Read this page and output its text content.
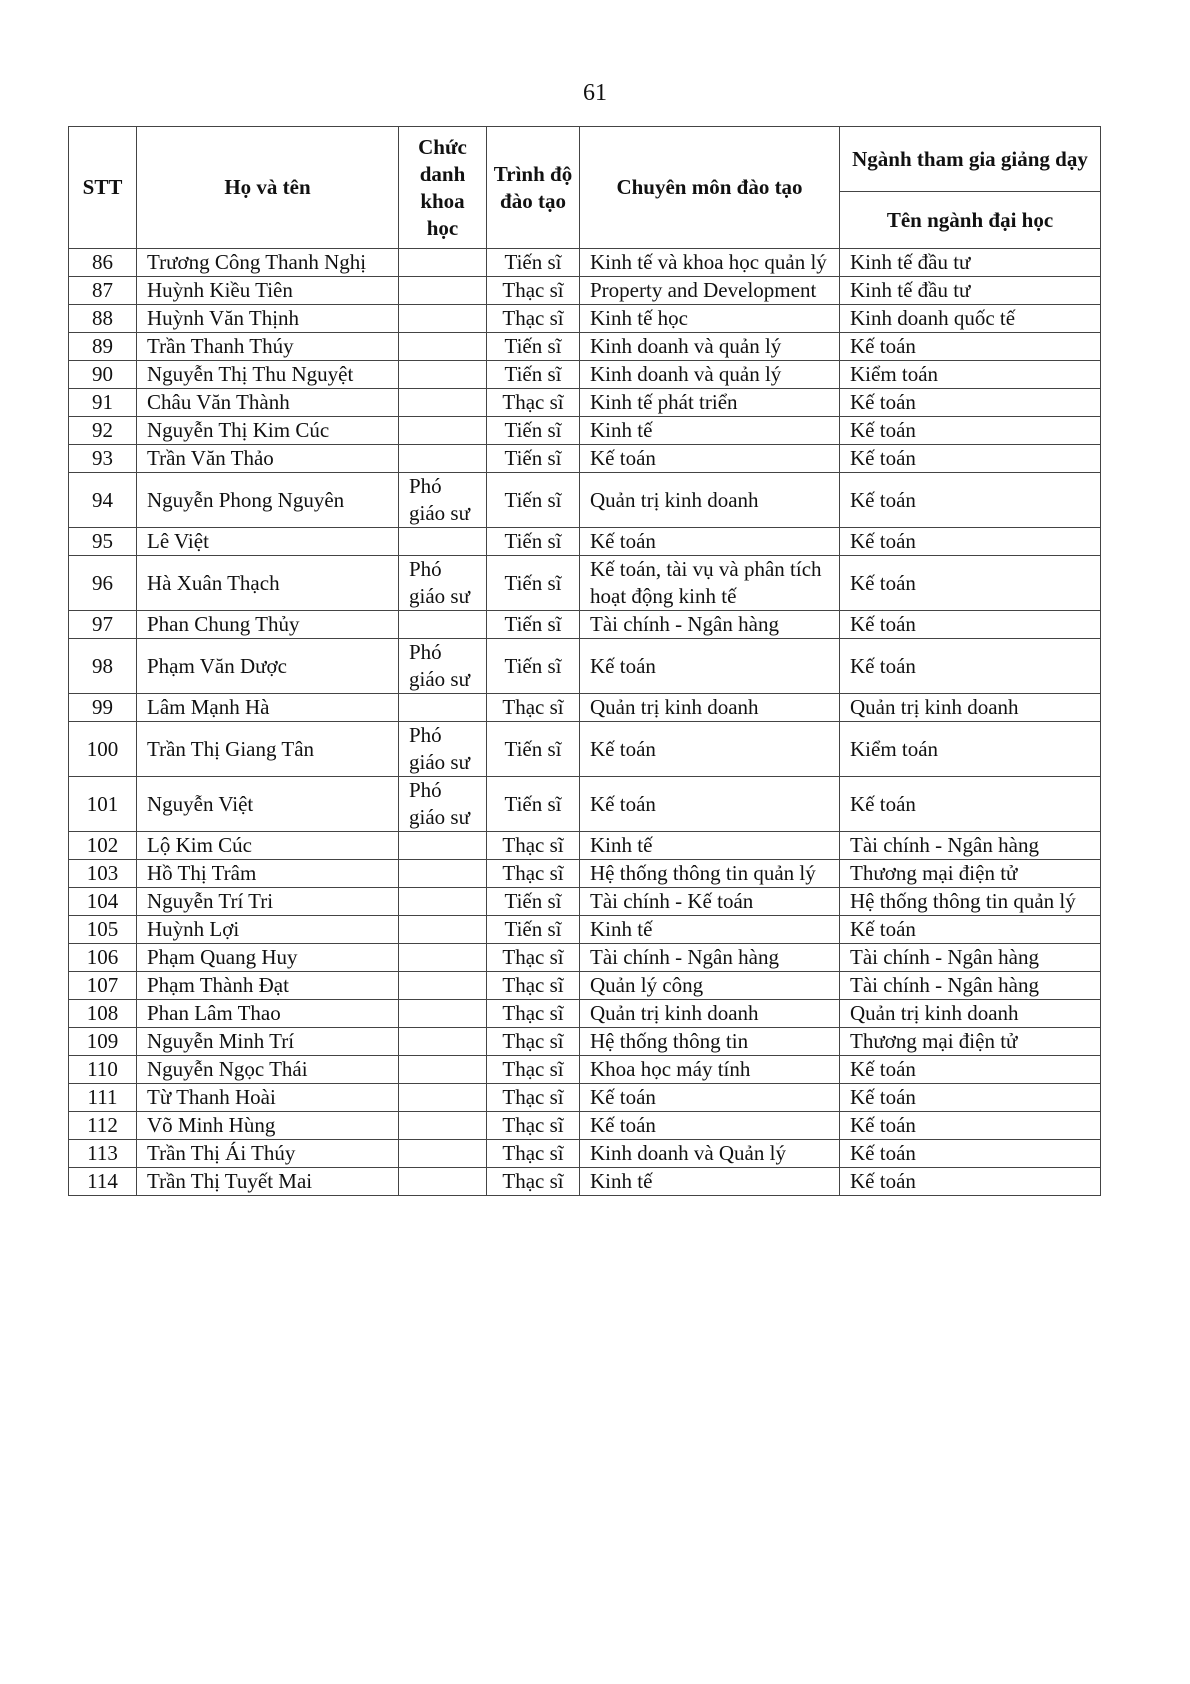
61
STT	Họ và tên	Chức danh khoa học	Trình độ đào tạo	Chuyên môn đào tạo	Ngành tham gia giảng dạy
					Tên ngành đại học
86	Trương Công Thanh Nghị		Tiến sĩ	Kinh tế và khoa học quản lý	Kinh tế đầu tư
87	Huỳnh Kiều Tiên		Thạc sĩ	Property and Development	Kinh tế đầu tư
88	Huỳnh Văn Thịnh		Thạc sĩ	Kinh tế học	Kinh doanh quốc tế
89	Trần Thanh Thúy		Tiến sĩ	Kinh doanh và quản lý	Kế toán
90	Nguyễn Thị Thu Nguyệt		Tiến sĩ	Kinh doanh và quản lý	Kiểm toán
91	Châu Văn Thành		Thạc sĩ	Kinh tế phát triển	Kế toán
92	Nguyễn Thị Kim Cúc		Tiến sĩ	Kinh tế	Kế toán
93	Trần Văn Thảo		Tiến sĩ	Kế toán	Kế toán
94	Nguyễn Phong Nguyên	Phó giáo sư	Tiến sĩ	Quản trị kinh doanh	Kế toán
95	Lê Việt		Tiến sĩ	Kế toán	Kế toán
96	Hà Xuân Thạch	Phó giáo sư	Tiến sĩ	Kế toán, tài vụ và phân tích hoạt động kinh tế	Kế toán
97	Phan Chung Thủy		Tiến sĩ	Tài chính - Ngân hàng	Kế toán
98	Phạm Văn Dược	Phó giáo sư	Tiến sĩ	Kế toán	Kế toán
99	Lâm Mạnh Hà		Thạc sĩ	Quản trị kinh doanh	Quản trị kinh doanh
100	Trần Thị Giang Tân	Phó giáo sư	Tiến sĩ	Kế toán	Kiểm toán
101	Nguyễn Việt	Phó giáo sư	Tiến sĩ	Kế toán	Kế toán
102	Lộ Kim Cúc		Thạc sĩ	Kinh tế	Tài chính - Ngân hàng
103	Hồ Thị Trâm		Thạc sĩ	Hệ thống thông tin quản lý	Thương mại điện tử
104	Nguyễn Trí Tri		Tiến sĩ	Tài chính - Kế toán	Hệ thống thông tin quản lý
105	Huỳnh Lợi		Tiến sĩ	Kinh tế	Kế toán
106	Phạm Quang Huy		Thạc sĩ	Tài chính - Ngân hàng	Tài chính - Ngân hàng
107	Phạm Thành Đạt		Thạc sĩ	Quản lý công	Tài chính - Ngân hàng
108	Phan Lâm Thao		Thạc sĩ	Quản trị kinh doanh	Quản trị kinh doanh
109	Nguyễn Minh Trí		Thạc sĩ	Hệ thống thông tin	Thương mại điện tử
110	Nguyễn Ngọc Thái		Thạc sĩ	Khoa học máy tính	Kế toán
111	Từ Thanh Hoài		Thạc sĩ	Kế toán	Kế toán
112	Võ Minh Hùng		Thạc sĩ	Kế toán	Kế toán
113	Trần Thị Ái Thúy		Thạc sĩ	Kinh doanh và Quản lý	Kế toán
114	Trần Thị Tuyết Mai		Thạc sĩ	Kinh tế	Kế toán
